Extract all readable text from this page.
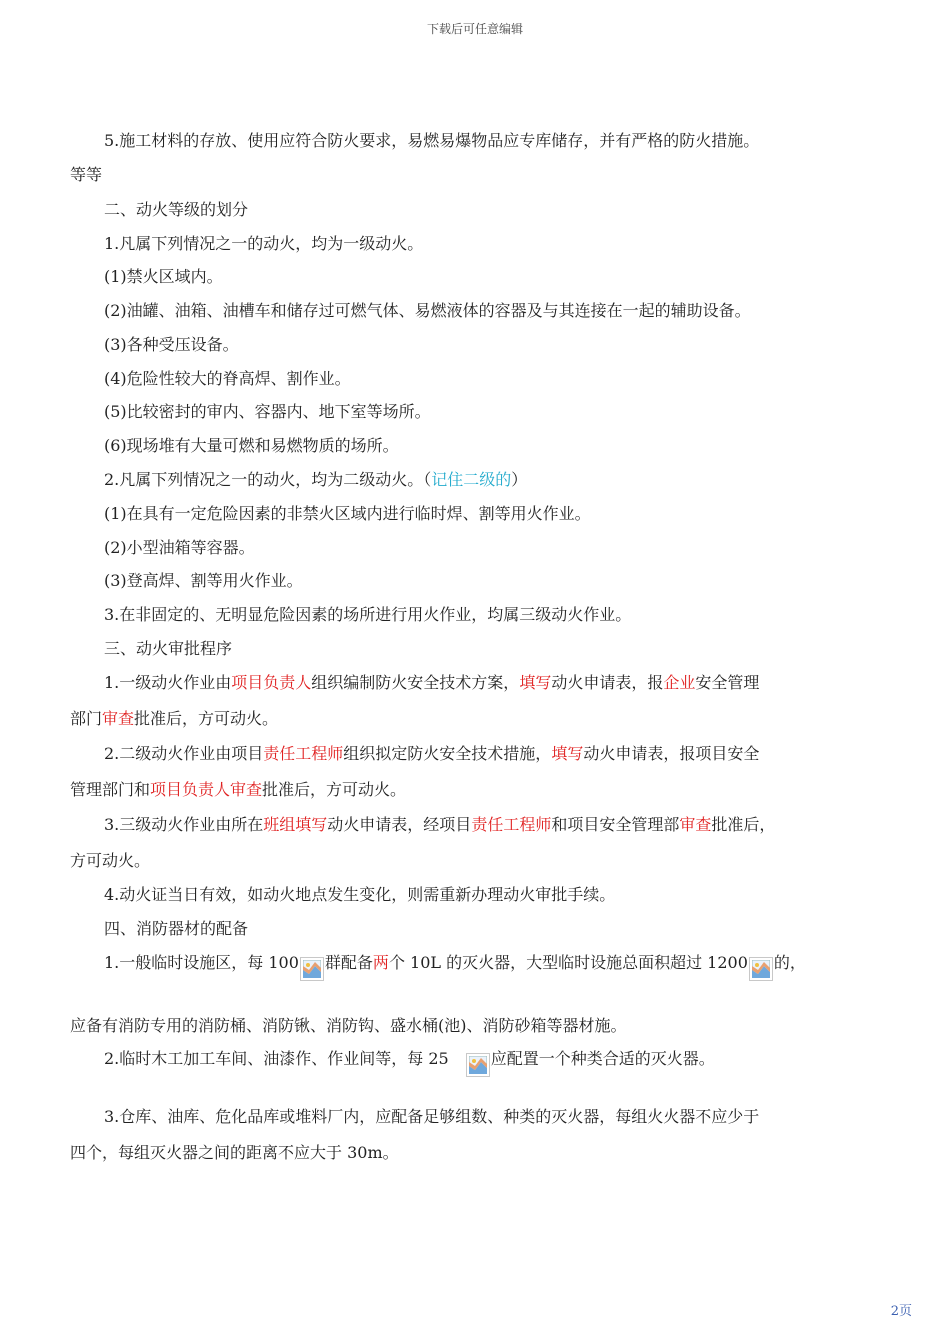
下载后可任意编辑
5.施工材料的存放、使用应符合防火要求，易燃易爆物品应专库储存，并有严格的防火措施。
等等
二、动火等级的划分
1.凡属下列情况之一的动火，均为一级动火。
(1)禁火区域内。
(2)油罐、油箱、油槽车和储存过可燃气体、易燃液体的容器及与其连接在一起的辅助设备。
(3)各种受压设备。
(4)危险性较大的脊高焊、割作业。
(5)比较密封的审内、容器内、地下室等场所。
(6)现场堆有大量可燃和易燃物质的场所。
2.凡属下列情况之一的动火，均为二级动火。（记住二级的）
(1)在具有一定危险因素的非禁火区域内进行临时焊、割等用火作业。
(2)小型油箱等容器。
(3)登高焊、割等用火作业。
3.在非固定的、无明显危险因素的场所进行用火作业，均属三级动火作业。
三、动火审批程序
1.一级动火作业由项目负责人组织编制防火安全技术方案，填写动火申请表，报企业安全管理
部门审查批准后，方可动火。
2.二级动火作业由项目责任工程师组织拟定防火安全技术措施，填写动火申请表，报项目安全
管理部门和项目负责人审查批准后，方可动火。
3.三级动火作业由所在班组填写动火申请表，经项目责任工程师和项目安全管理部审查批准后，
方可动火。
4.动火证当日有效，如动火地点发生变化，则需重新办理动火审批手续。
四、消防器材的配备
1.一般临时设施区，每 100 群配备两个 10L 的灭火器，大型临时设施总面积超过 1200 的，
应备有消防专用的消防桶、消防锹、消防钩、盛水桶(池)、消防砂箱等器材施。
2.临时木工加工车间、油漆作、作业间等，每 25	应配置一个种类合适的灭火器。
3.仓库、油库、危化品库或堆料厂内，应配备足够组数、种类的灭火器，每组火火器不应少于
四个，每组灭火器之间的距离不应大于 30m。
2页
